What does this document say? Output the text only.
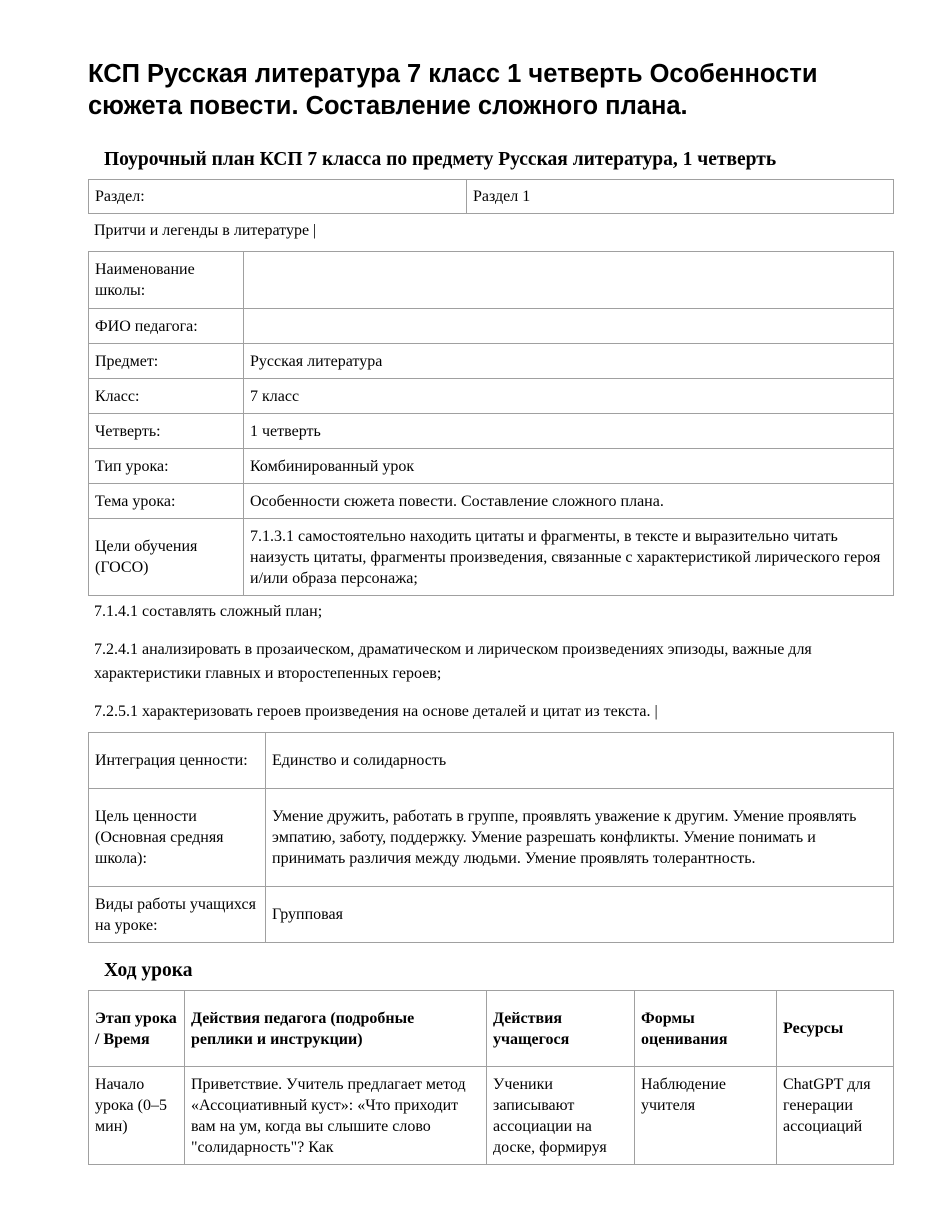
КСП Русская литература 7 класс 1 четверть Особенности сюжета повести. Составление сложного плана.
Поурочный план КСП 7 класса по предмету Русская литература, 1 четверть
Раздел:	Раздел 1
Притчи и легенды в литературе |
Наименование школы:	
ФИО педагога:	
Предмет:	Русская литература
Класс:	7 класс
Четверть:	1 четверть
Тип урока:	Комбинированный урок
Тема урока:	Особенности сюжета повести. Составление сложного плана.
Цели обучения (ГОСО)	7.1.3.1 самостоятельно находить цитаты и фрагменты, в тексте и выразительно читать наизусть цитаты, фрагменты произведения, связанные с характеристикой лирического героя и/или образа персонажа;
7.1.4.1 составлять сложный план;
7.2.4.1 анализировать в прозаическом, драматическом и лирическом произведениях эпизоды, важные для характеристики главных и второстепенных героев;
7.2.5.1 характеризовать героев произведения на основе деталей и цитат из текста. |
Интеграция ценности:	Единство и солидарность
Цель ценности (Основная средняя школа):	Умение дружить, работать в группе, проявлять уважение к другим. Умение проявлять эмпатию, заботу, поддержку. Умение разрешать конфликты. Умение понимать и принимать различия между людьми. Умение проявлять толерантность.
Виды работы учащихся на уроке:	Групповая
Ход урока
Этап урока / Время	Действия педагога (подробные реплики и инструкции)	Действия учащегося	Формы оценивания	Ресурсы
Начало урока (0–5 мин)	Приветствие. Учитель предлагает метод «Ассоциативный куст»: «Что приходит вам на ум, когда вы слышите слово "солидарность"? Как	Ученики записывают ассоциации на доске, формируя	Наблюдение учителя	ChatGPT для генерации ассоциаций
